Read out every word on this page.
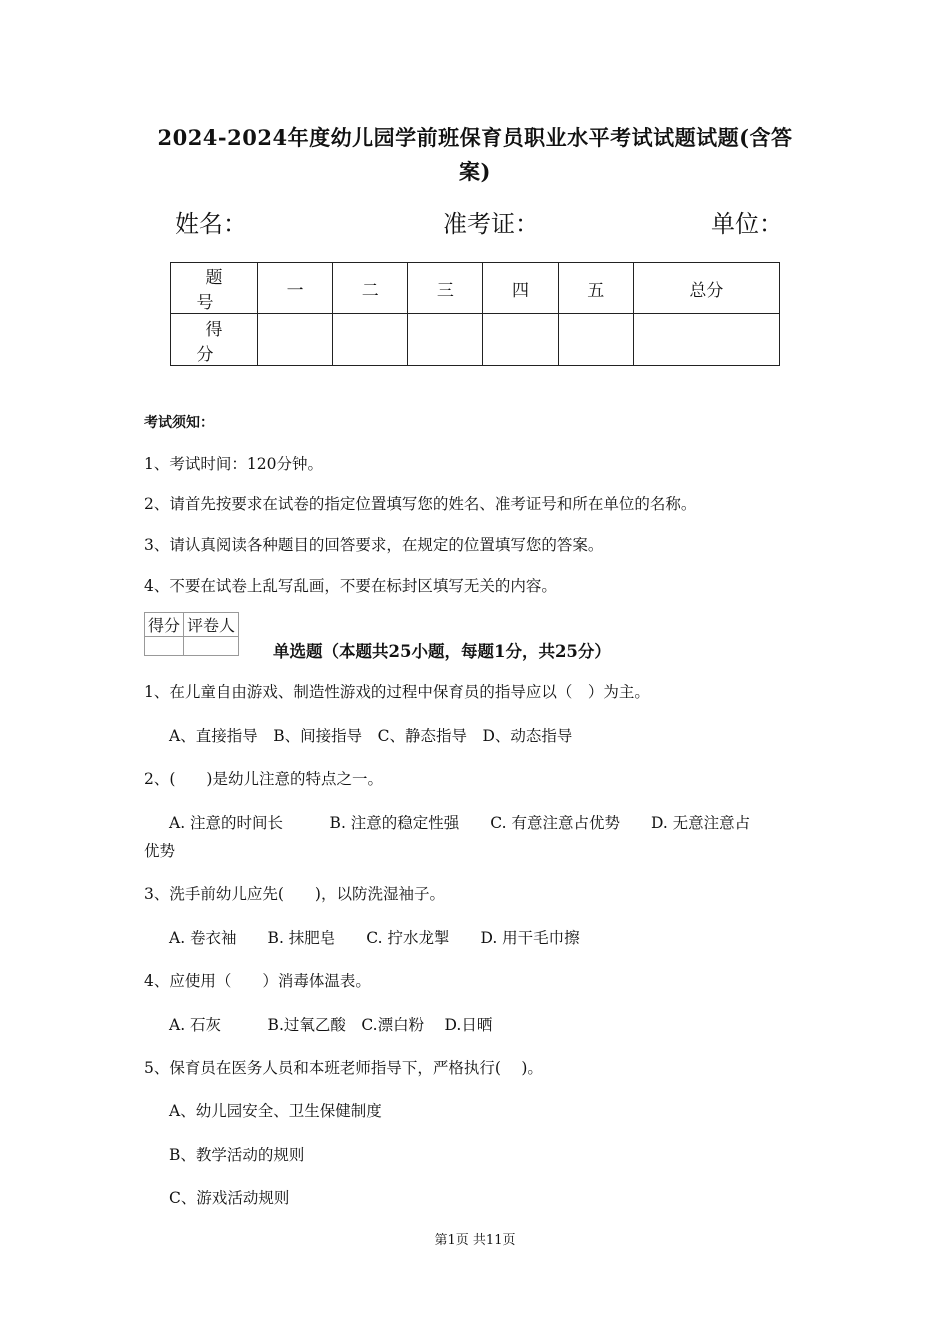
2024-2024年度幼儿园学前班保育员职业水平考试试题试题(含答
案)
姓名：	准考证：	单位：
题 号	一	二	三	四	五	总分
得 分						
考试须知：
1、考试时间：120分钟。
2、请首先按要求在试卷的指定位置填写您的姓名、准考证号和所在单位的名称。
3、请认真阅读各种题目的回答要求，在规定的位置填写您的答案。
4、不要在试卷上乱写乱画，不要在标封区填写无关的内容。
得分	评卷人

单选题（本题共25小题，每题1分，共25分）
1、在儿童自由游戏、制造性游戏的过程中保育员的指导应以（　）为主。
A、直接指导　B、间接指导　C、静态指导　D、动态指导
2、(　　)是幼儿注意的特点之一。
A. 注意的时间长　　　B. 注意的稳定性强　　C. 有意注意占优势　　D. 无意注意占
优势
3、洗手前幼儿应先(　　)，以防洗湿袖子。
A. 卷衣袖　　B. 抹肥皂　　C. 拧水龙掣　　D. 用干毛巾擦
4、应使用（　　）消毒体温表。
A. 石灰　　　B.过氧乙酸　C.漂白粉　 D.日晒
5、保育员在医务人员和本班老师指导下，严格执行(　 )。
A、幼儿园安全、卫生保健制度
B、教学活动的规则
C、游戏活动规则
第1页 共11页
